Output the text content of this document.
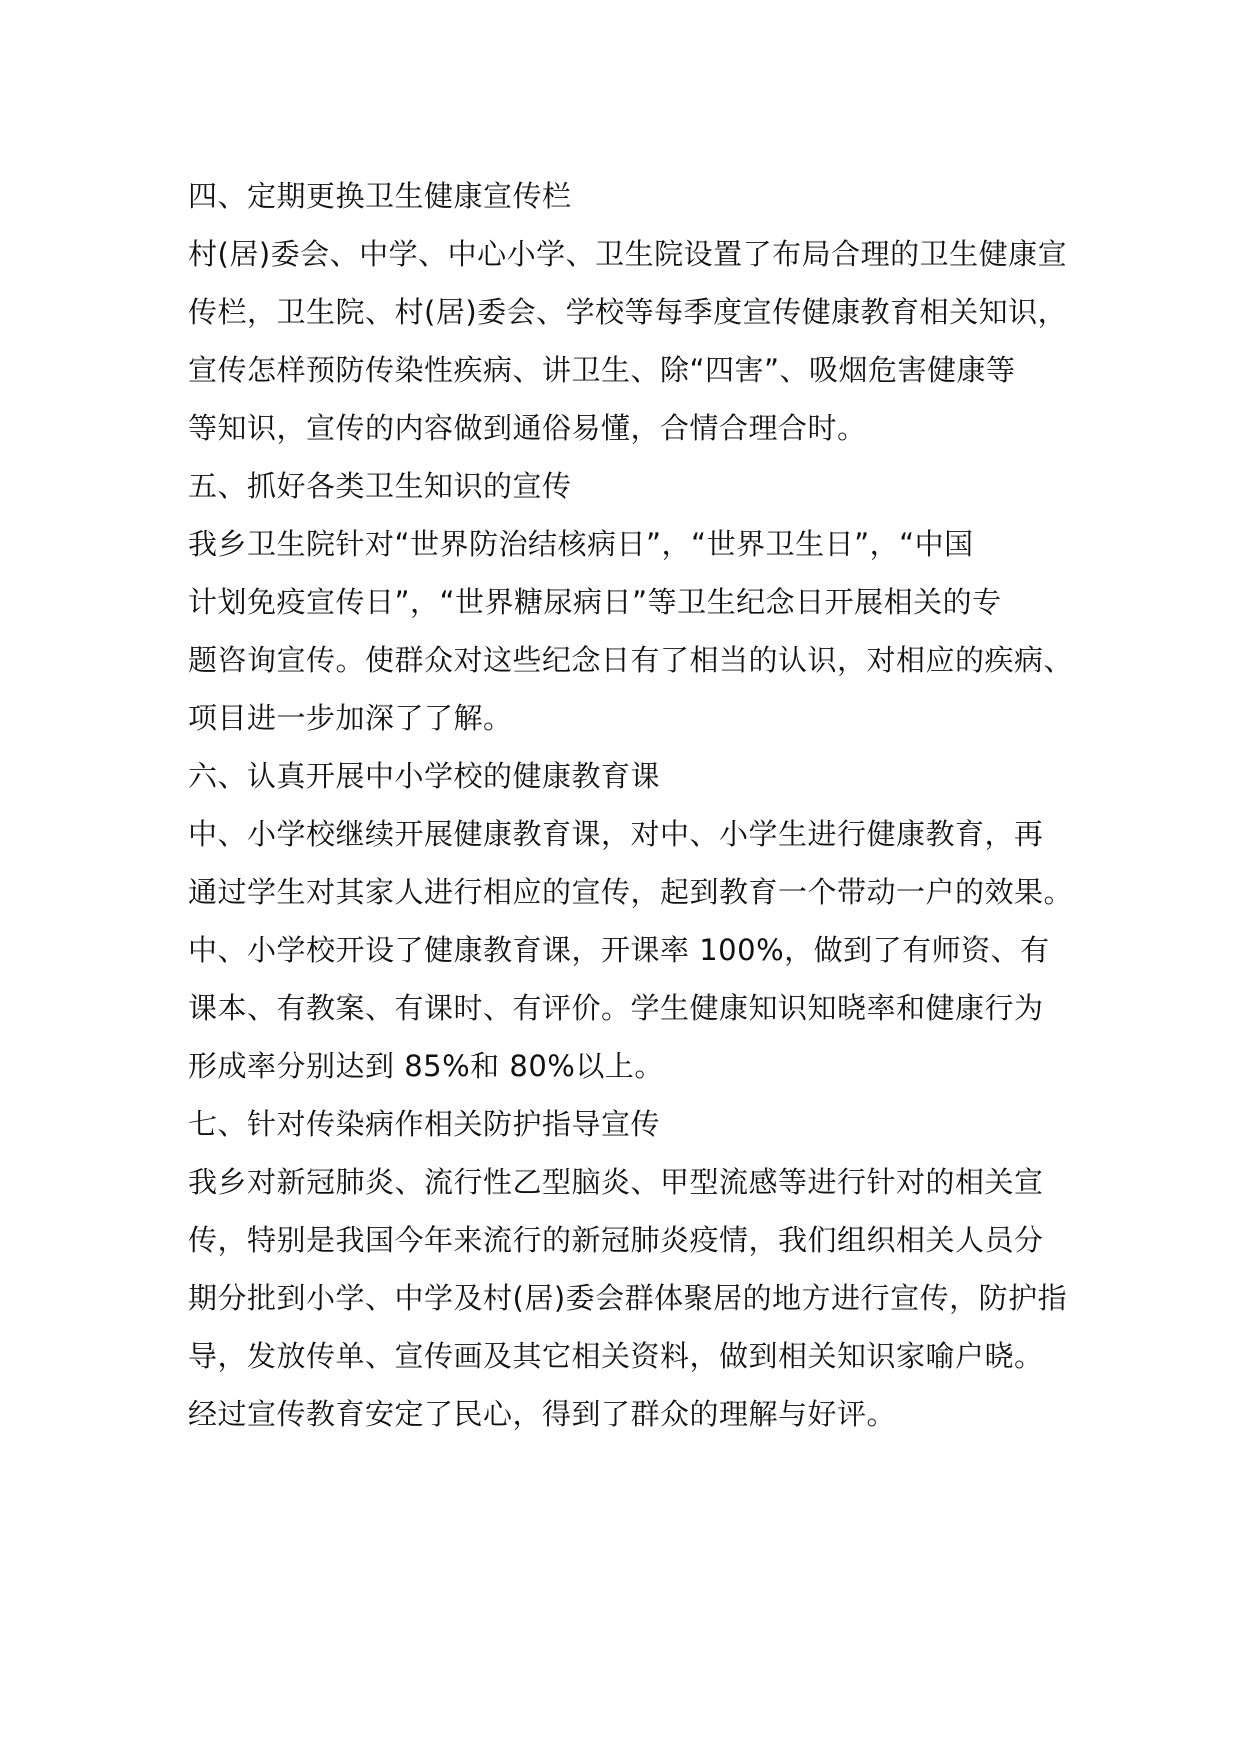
四、定期更换卫生健康宣传栏
村(居)委会、中学、中心小学、卫生院设置了布局合理的卫生健康宣
传栏，卫生院、村(居)委会、学校等每季度宣传健康教育相关知识，
宣传怎样预防传染性疾病、讲卫生、除“四害”、吸烟危害健康等
等知识，宣传的内容做到通俗易懂，合情合理合时。
五、抓好各类卫生知识的宣传
我乡卫生院针对“世界防治结核病日”，“世界卫生日”，“中国
计划免疫宣传日”，“世界糖尿病日”等卫生纪念日开展相关的专
题咨询宣传。使群众对这些纪念日有了相当的认识，对相应的疾病、
项目进一步加深了了解。
六、认真开展中小学校的健康教育课
中、小学校继续开展健康教育课，对中、小学生进行健康教育，再
通过学生对其家人进行相应的宣传，起到教育一个带动一户的效果。
中、小学校开设了健康教育课，开课率 100%，做到了有师资、有
课本、有教案、有课时、有评价。学生健康知识知晓率和健康行为
形成率分别达到 85%和 80%以上。
七、针对传染病作相关防护指导宣传
我乡对新冠肺炎、流行性乙型脑炎、甲型流感等进行针对的相关宣
传，特别是我国今年来流行的新冠肺炎疫情，我们组织相关人员分
期分批到小学、中学及村(居)委会群体聚居的地方进行宣传，防护指
导，发放传单、宣传画及其它相关资料，做到相关知识家喻户晓。
经过宣传教育安定了民心，得到了群众的理解与好评。
